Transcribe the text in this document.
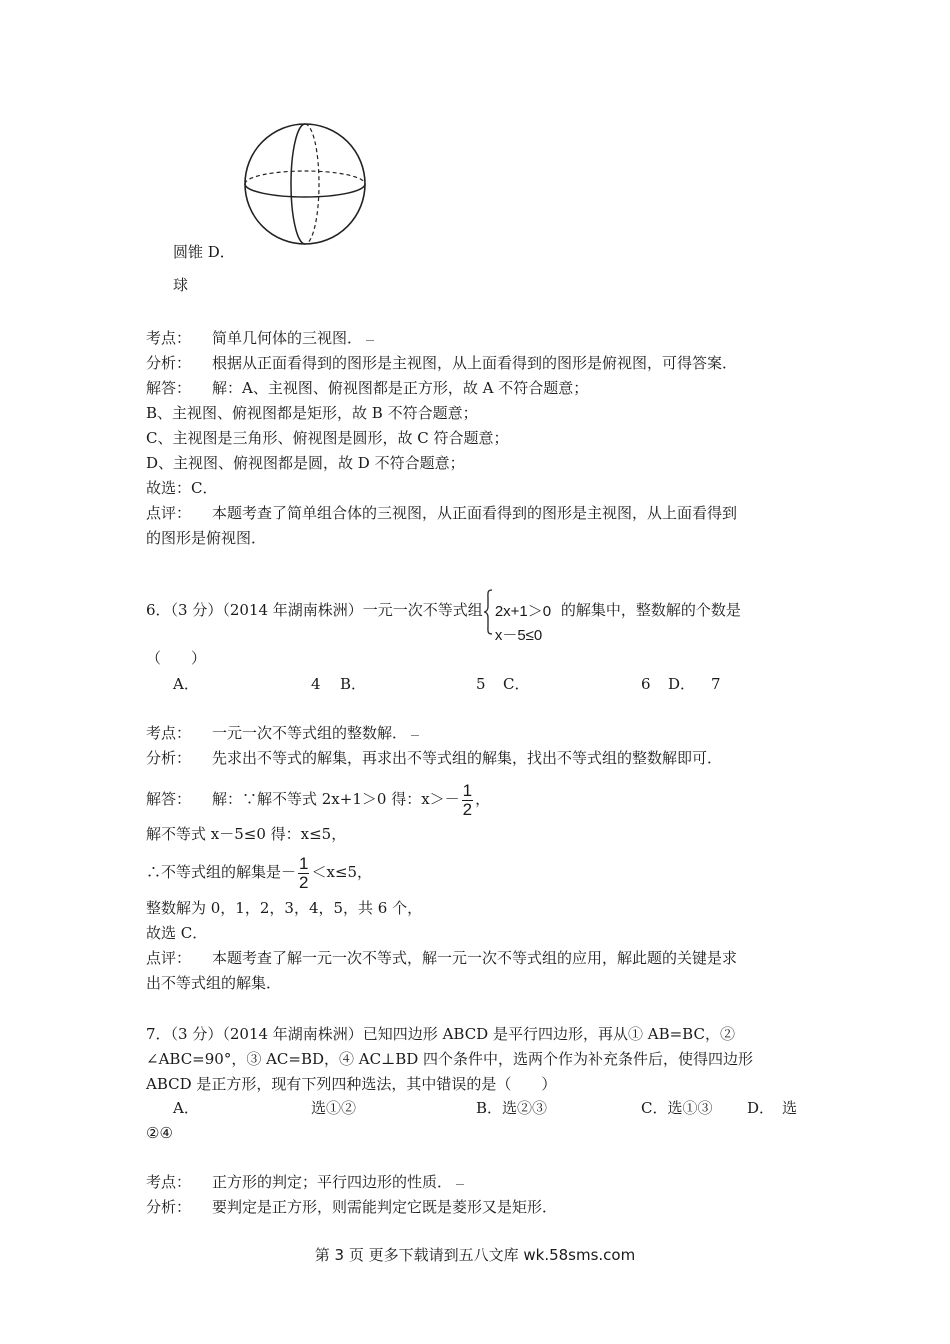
圆锥 D．
球
考点： 简单几何体的三视图．
分析： 根据从正面看得到的图形是主视图，从上面看得到的图形是俯视图，可得答案．
解答： 解：A、主视图、俯视图都是正方形，故 A 不符合题意；
B、主视图、俯视图都是矩形，故 B 不符合题意；
C、主视图是三角形、俯视图是圆形，故 C 符合题意；
D、主视图、俯视图都是圆，故 D 不符合题意；
故选：C．
点评： 本题考查了简单组合体的三视图，从正面看得到的图形是主视图，从上面看得到
的图形是俯视图．
6．（3 分）（2014 年湖南株洲）一元一次不等式组 2x+1＞0
x－5≤0
的解集中，整数解的个数是
（　　）
A．	4 B．	5 C．	6 D． 7
考点： 一元一次不等式组的整数解．
分析： 先求出不等式的解集，再求出不等式组的解集，找出不等式组的整数解即可．
解答： 解：∵解不等式 2x+1＞0 得：$x>- \frac{1}{2}$ ，
解不等式 x－5≤0 得：x≤5，
∴不等式组的解集是－ $\frac{1}{2} <x\le 5$，
整数解为 0，1，2，3，4，5，共 6 个，
故选 C．
点评： 本题考查了解一元一次不等式，解一元一次不等式组的应用，解此题的关键是求
出不等式组的解集．
7．（3 分）（2014 年湖南株洲）已知四边形 ABCD 是平行四边形，再从① AB=BC，②
∠ABC=90°，③ AC=BD，④ AC⊥BD 四个条件中，选两个作为补充条件后，使得四边形
ABCD 是正方形，现有下列四种选法，其中错误的是（　　）
A．	选①②	B．选②③	C．选①③ D． 选
②④
考点： 正方形的判定；平行四边形的性质．
分析： 要判定是正方形，则需能判定它既是菱形又是矩形．
第 3 页 更多下载请到五八文库 wk.58sms.com
